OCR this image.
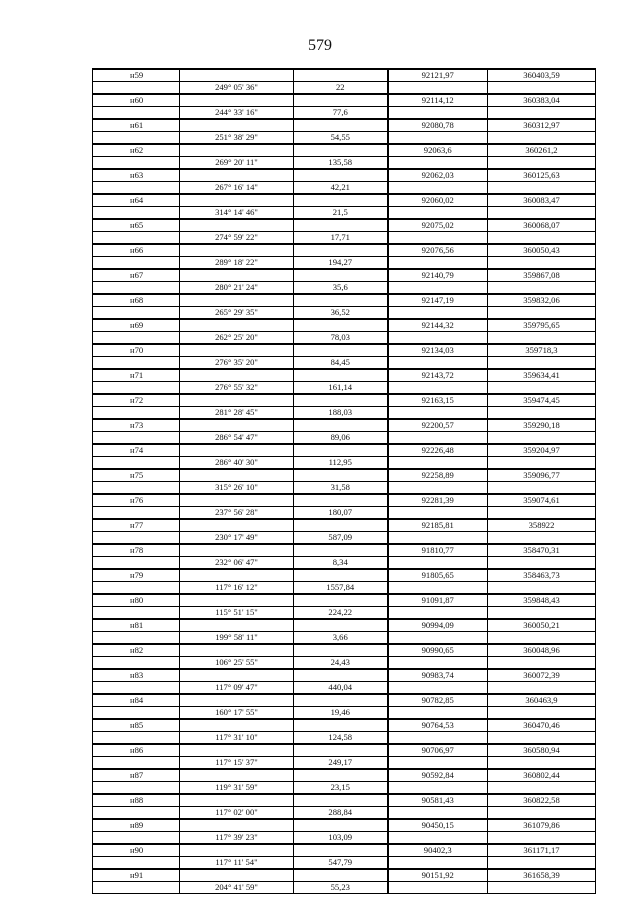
579
н59			92121,97	360403,59
	249° 05' 36"	22		
н60			92114,12	360383,04
	244° 33' 16"	77,6		
н61			92080,78	360312,97
	251° 38' 29"	54,55		
н62			92063,6	360261,2
	269° 20' 11"	135,58		
н63			92062,03	360125,63
	267° 16' 14"	42,21		
н64			92060,02	360083,47
	314° 14' 46"	21,5		
н65			92075,02	360068,07
	274° 59' 22"	17,71		
н66			92076,56	360050,43
	289° 18' 22"	194,27		
н67			92140,79	359867,08
	280° 21' 24"	35,6		
н68			92147,19	359832,06
	265° 29' 35"	36,52		
н69			92144,32	359795,65
	262° 25' 20"	78,03		
н70			92134,03	359718,3
	276° 35' 20"	84,45		
н71			92143,72	359634,41
	276° 55' 32"	161,14		
н72			92163,15	359474,45
	281° 28' 45"	188,03		
н73			92200,57	359290,18
	286° 54' 47"	89,06		
н74			92226,48	359204,97
	286° 40' 30"	112,95		
н75			92258,89	359096,77
	315° 26' 10"	31,58		
н76			92281,39	359074,61
	237° 56' 28"	180,07		
н77			92185,81	358922
	230° 17' 49"	587,09		
н78			91810,77	358470,31
	232° 06' 47"	8,34		
н79			91805,65	358463,73
	117° 16' 12"	1557,84		
н80			91091,87	359848,43
	115° 51' 15"	224,22		
н81			90994,09	360050,21
	199° 58' 11"	3,66		
н82			90990,65	360048,96
	106° 25' 55"	24,43		
н83			90983,74	360072,39
	117° 09' 47"	440,04		
н84			90782,85	360463,9
	160° 17' 55"	19,46		
н85			90764,53	360470,46
	117° 31' 10"	124,58		
н86			90706,97	360580,94
	117° 15' 37"	249,17		
н87			90592,84	360802,44
	119° 31' 59"	23,15		
н88			90581,43	360822,58
	117° 02' 00"	288,84		
н89			90450,15	361079,86
	117° 39' 23"	103,09		
н90			90402,3	361171,17
	117° 11' 54"	547,79		
н91			90151,92	361658,39
	204° 41' 59"	55,23		
